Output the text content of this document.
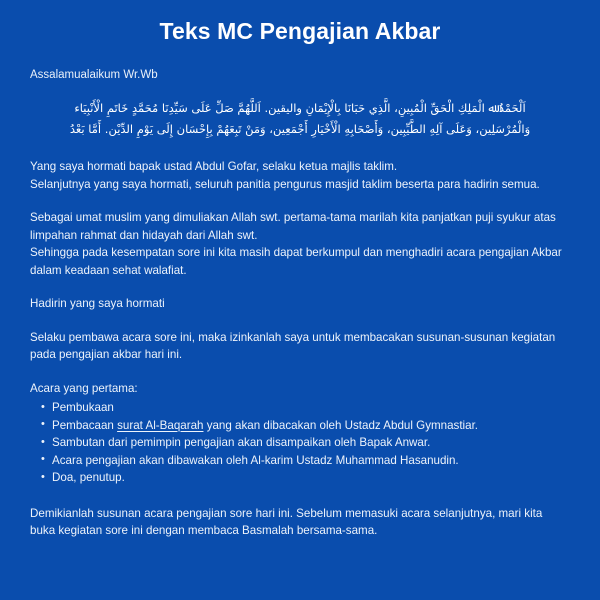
Teks MC Pengajian Akbar

Assalamualaikum Wr.Wb

اَلْحَمْدُ ﷲ الْمَلِكِ الْحَقِّ الْمُبِينِ، الَّذِي حَبَانَا بِالْإِيْمَانِ واليقين. اَللَّهُمَّ صَلِّ عَلَى سَيِّدِنَا مُحَمَّدٍ خَاتَمِ الْأَنْبِيَاء
وَالْمُرْسَلِين، وَعَلَى آلِهِ الطَّيِّبِين، وَأَصْحَابِهِ الْأَخْيَارِ أَجْمَعِين، وَمَنْ تَبِعَهُمْ بِإِحْسَان إِلَى يَوْمِ الدِّيْن. أَمَّا بَعْدُ

Yang saya hormati bapak ustad Abdul Gofar, selaku ketua majlis taklim.

Selanjutnya yang saya hormati, seluruh panitia pengurus masjid taklim beserta para hadirin semua.

Sebagai umat muslim yang dimuliakan Allah swt. pertama-tama marilah kita panjatkan puji syukur atas limpahan rahmat dan hidayah dari Allah swt.

Sehingga pada kesempatan sore ini kita masih dapat berkumpul dan menghadiri acara pengajian Akbar dalam keadaan sehat walafiat.

Hadirin yang saya hormati

Selaku pembawa acara sore ini, maka izinkanlah saya untuk membacakan susunan-susunan kegiatan pada pengajian akbar hari ini.

Acara yang pertama:

• Pembukaan
• Pembacaan surat Al-Baqarah yang akan dibacakan oleh Ustadz Abdul Gymnastiar.
• Sambutan dari pemimpin pengajian akan disampaikan oleh Bapak Anwar.
• Acara pengajian akan dibawakan oleh Al-karim Ustadz Muhammad Hasanudin.
• Doa, penutup.

Demikianlah susunan acara pengajian sore hari ini. Sebelum memasuki acara selanjutnya, mari kita buka kegiatan sore ini dengan membaca Basmalah bersama-sama.
